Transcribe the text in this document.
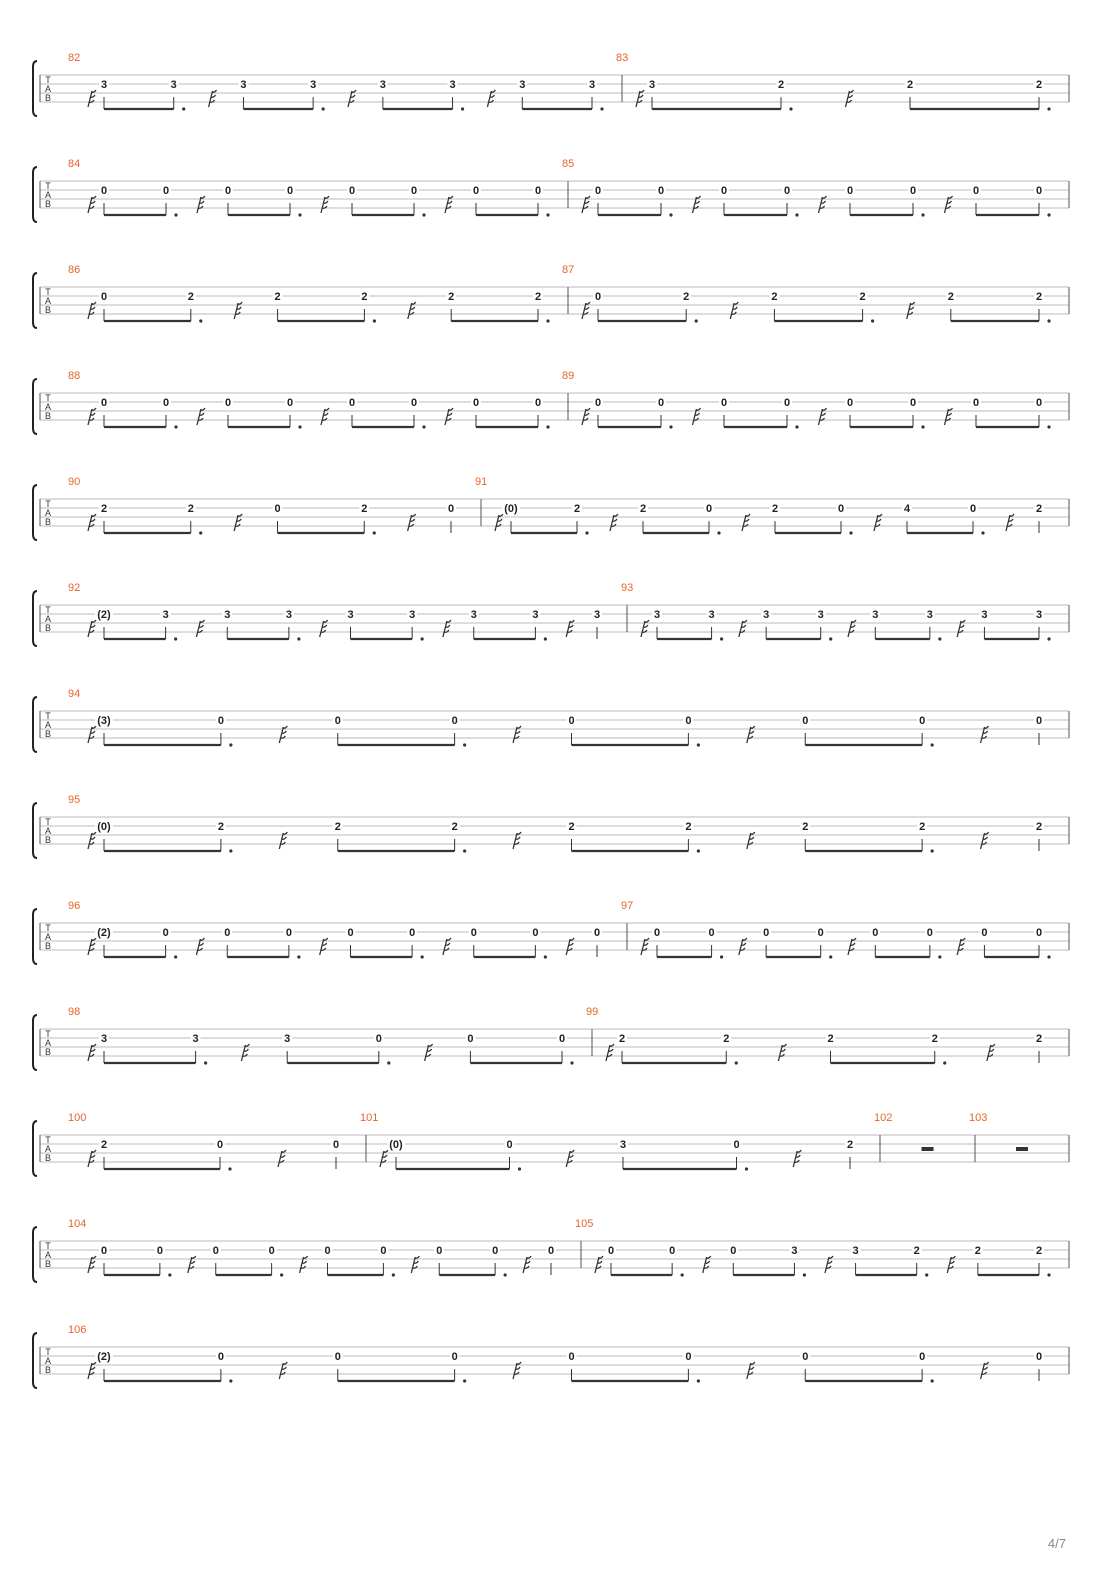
T
A
B
82
3	3	3	3	3	3	3	3
83
3	2	2	2
T
A
B
84
0	0	0	0	0	0	0	0
85
0	0	0	0	0	0	0	0
T
A
B
86
0	2	2	2	2	2
87
0	2	2	2	2	2
T
A
B
88
0	0	0	0	0	0	0	0
89
0	0	0	0	0	0	0	0
T
A
B
90
2	2	0	2	0
91
(0)	2	2	0	2	0	4	0	2
T
A
B
92
(2)	3	3	3	3	3	3	3	3
93
3	3	3	3	3	3	3	3
T
A
B
94
(3)	0	0	0	0	0	0	0	0
T
A
B
95
(0)	2	2	2	2	2	2	2	2
T
A
B
96
(2)	0	0	0	0	0	0	0	0
97
0	0	0	0	0	0	0	0
T
A
B
98
3	3	3	0	0	0
99
2	2	2	2	2
T
A
B
100
2	0	0
101
(0)	0	3	0	2
102	103
T
A
B
104
0	0	0	0	0	0	0	0	0
105
0	0	0	3	3	2	2	2
T
A
B
106
(2)	0	0	0	0	0	0	0	0
4/7
